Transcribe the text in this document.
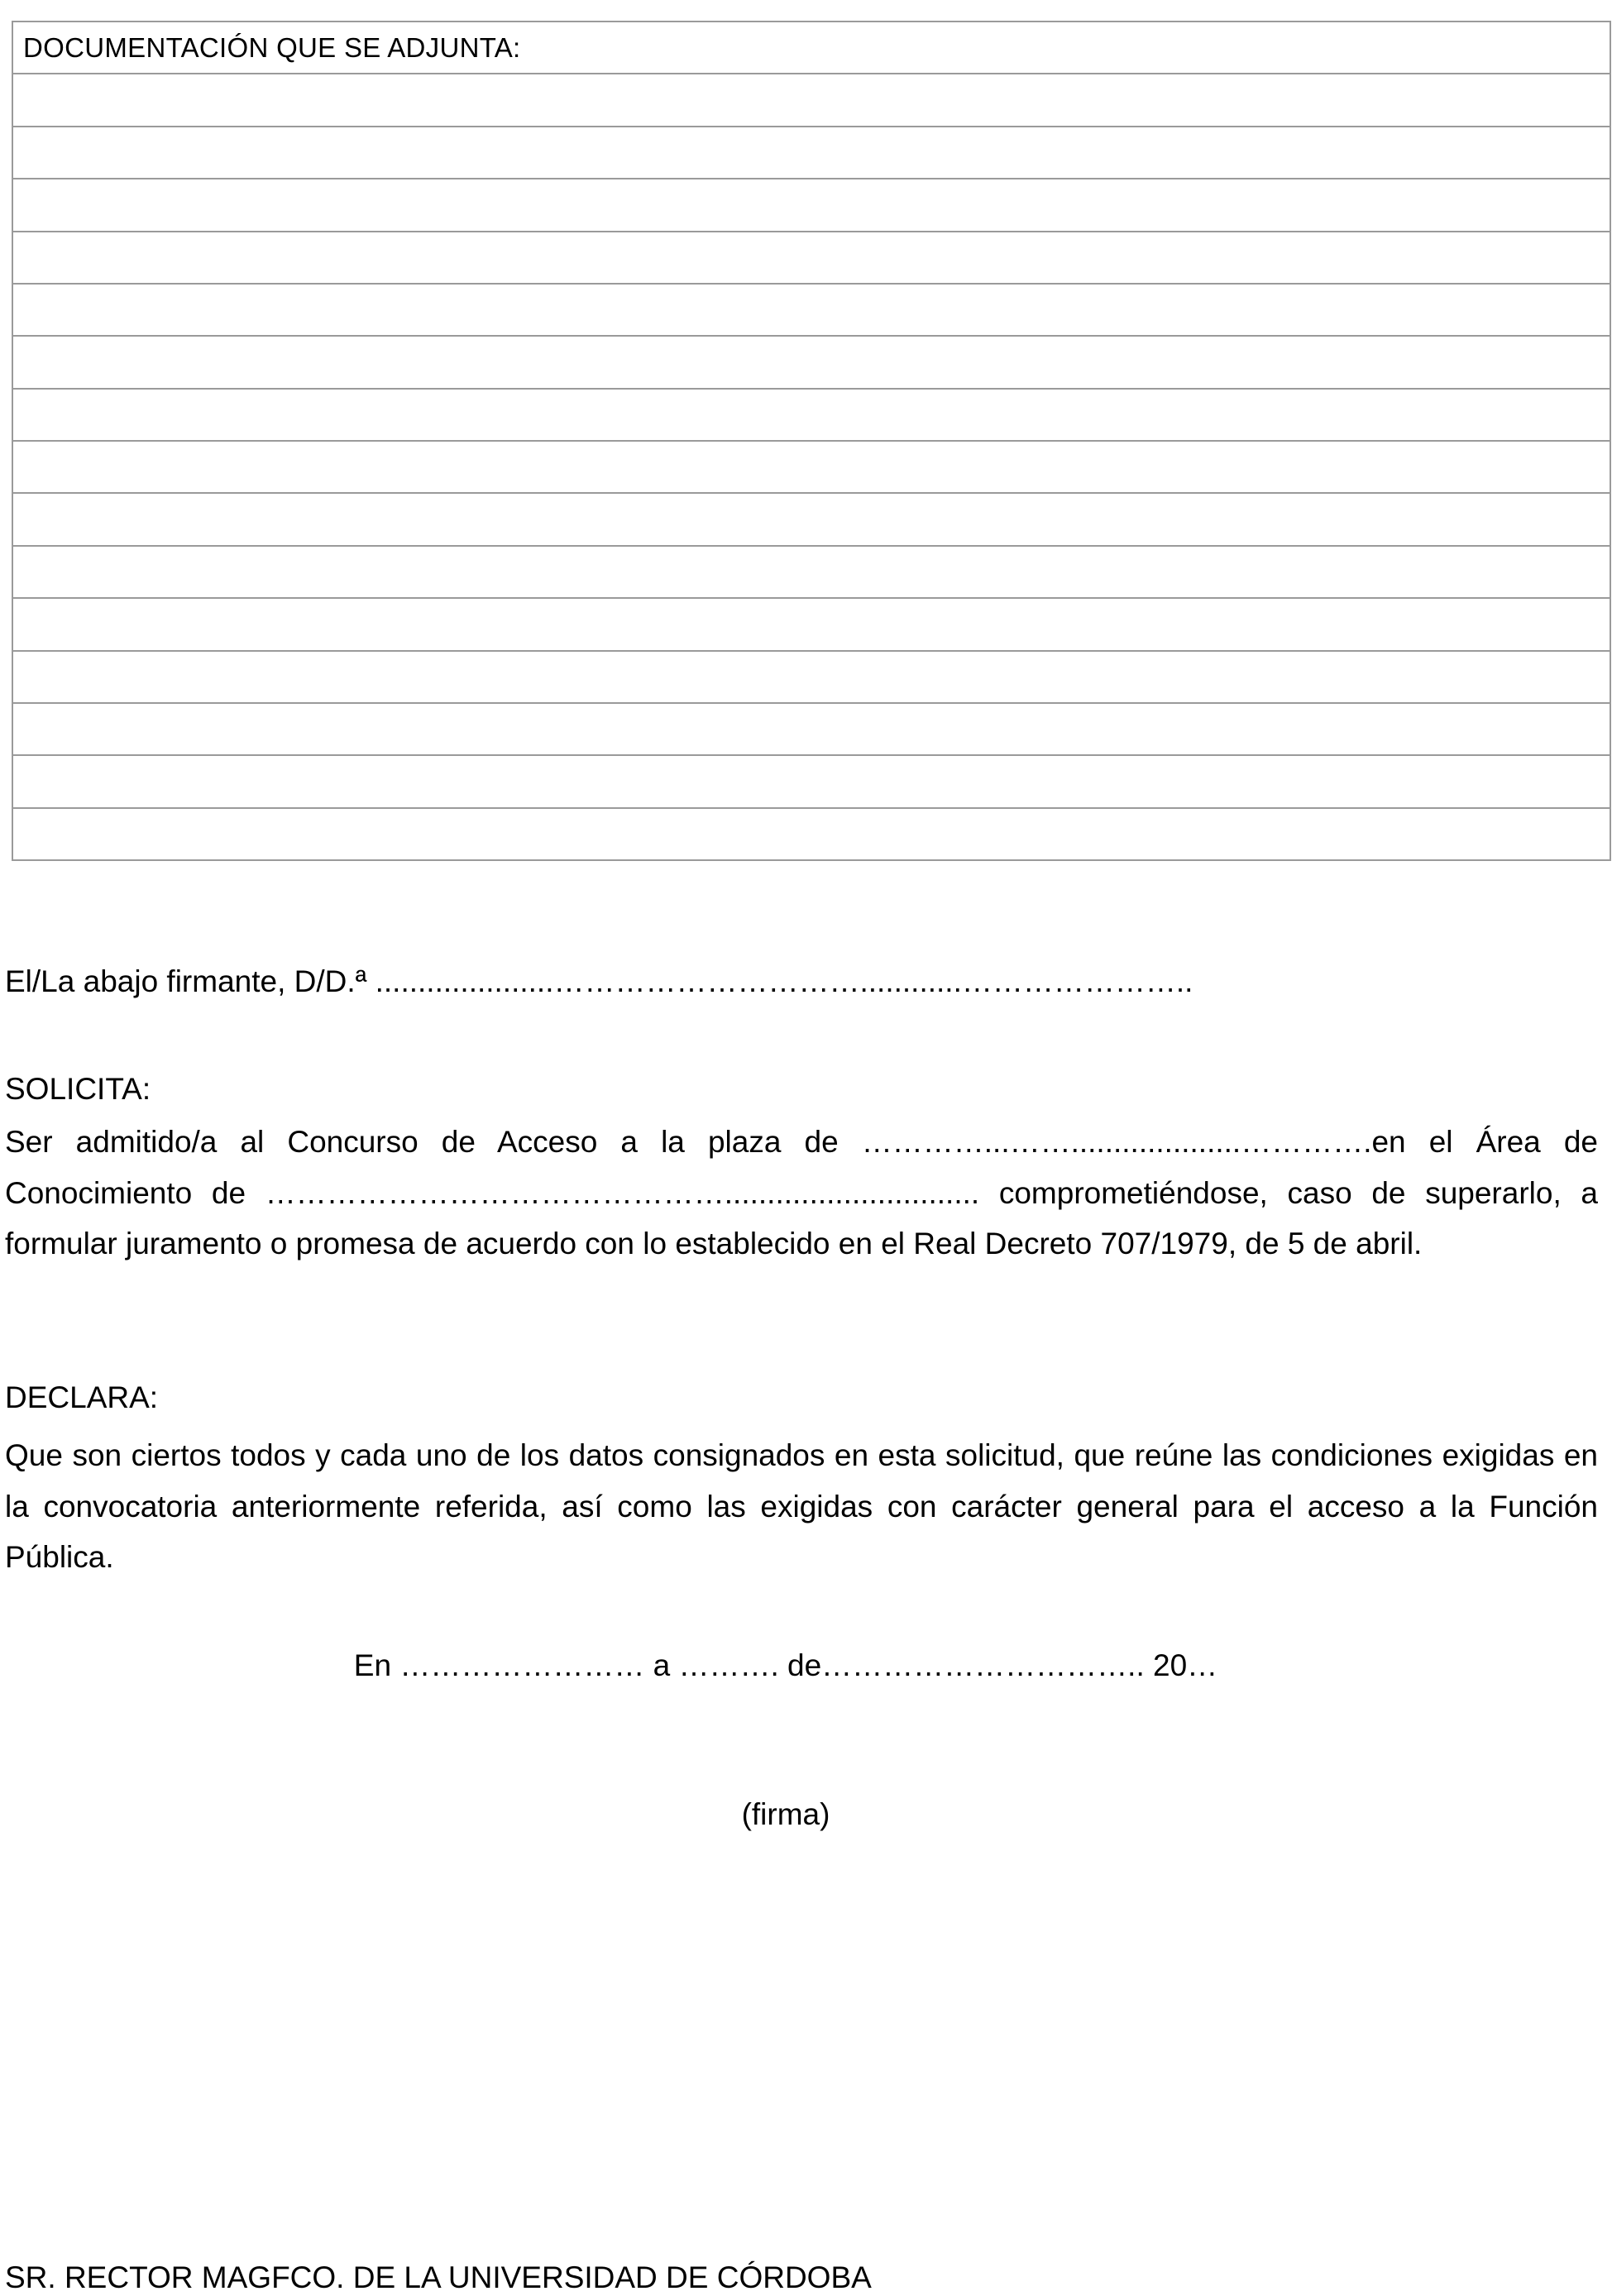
DOCUMENTACIÓN QUE SE ADJUNTA:
El/La abajo firmante, D/D.ª .....................…………………………............…………………..
SOLICITA:
Ser admitido/a al Concurso de Acceso a la plaza de …………...……....................………….en el Área de Conocimiento de ……………………………………….............................. comprometiéndose, caso de superarlo, a formular juramento o promesa de acuerdo con lo establecido en el Real Decreto 707/1979, de 5 de abril.
DECLARA:
Que son ciertos todos y cada uno de los datos consignados en esta solicitud, que reúne las condiciones exigidas en la convocatoria anteriormente referida, así como las exigidas con carácter general para el acceso a la Función Pública.
En …………………… a ………. de………………………….. 20…
(firma)
SR. RECTOR MAGFCO. DE LA UNIVERSIDAD DE CÓRDOBA
